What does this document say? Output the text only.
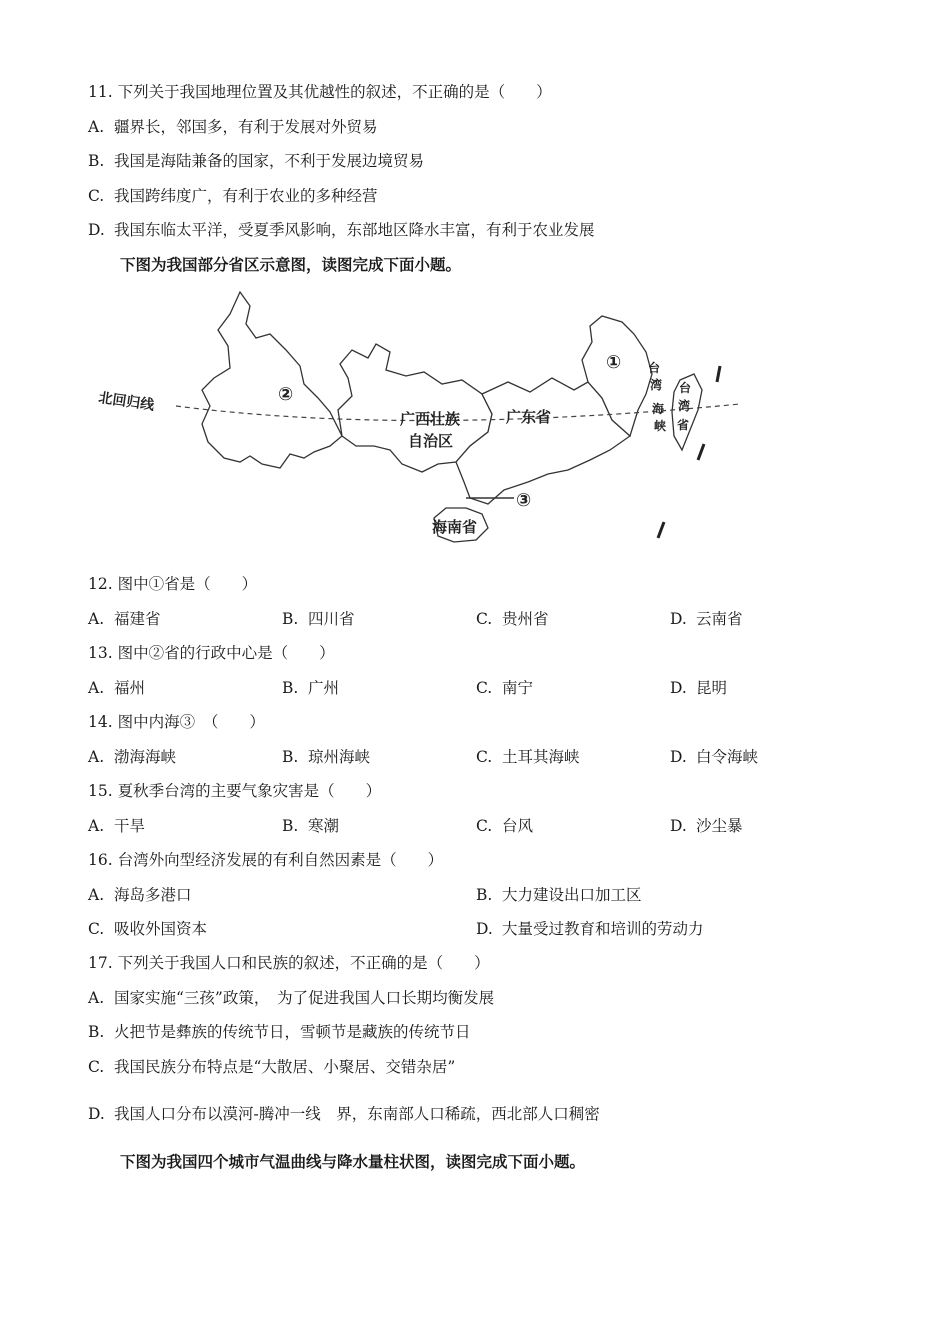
11. 下列关于我国地理位置及其优越性的叙述，不正确的是（　　）
A. 疆界长，邻国多，有利于发展对外贸易
B. 我国是海陆兼备的国家，不利于发展边境贸易
C. 我国跨纬度广，有利于农业的多种经营
D. 我国东临太平洋，受夏季风影响，东部地区降水丰富，有利于农业发展
下图为我国部分省区示意图，读图完成下面小题。
北回归线
①
②
③
广西壮族
自治区
广东省
海南省
台
湾
海
峡
台
湾
省
12. 图中①省是（　　）
A. 福建省	B. 四川省	C. 贵州省	D. 云南省
13. 图中②省的行政中心是（　　）
A. 福州	B. 广州	C. 南宁	D. 昆明
14. 图中内海③　（　　）
A. 渤海海峡	B. 琼州海峡	C. 土耳其海峡	D. 白令海峡
15. 夏秋季台湾的主要气象灾害是（　　）
A. 干旱	B. 寒潮	C. 台风	D. 沙尘暴
16. 台湾外向型经济发展的有利自然因素是（　　）
A. 海岛多港口	B. 大力建设出口加工区
C. 吸收外国资本	D. 大量受过教育和培训的劳动力
17. 下列关于我国人口和民族的叙述，不正确的是（　　）
A. 国家实施“三孩”政策，　为了促进我国人口长期均衡发展
B. 火把节是彝族的传统节日，雪顿节是藏族的传统节日
C. 我国民族分布特点是“大散居、小聚居、交错杂居”
D. 我国人口分布以漠河-腾冲一线　界，东南部人口稀疏，西北部人口稠密
下图为我国四个城市气温曲线与降水量柱状图，读图完成下面小题。
